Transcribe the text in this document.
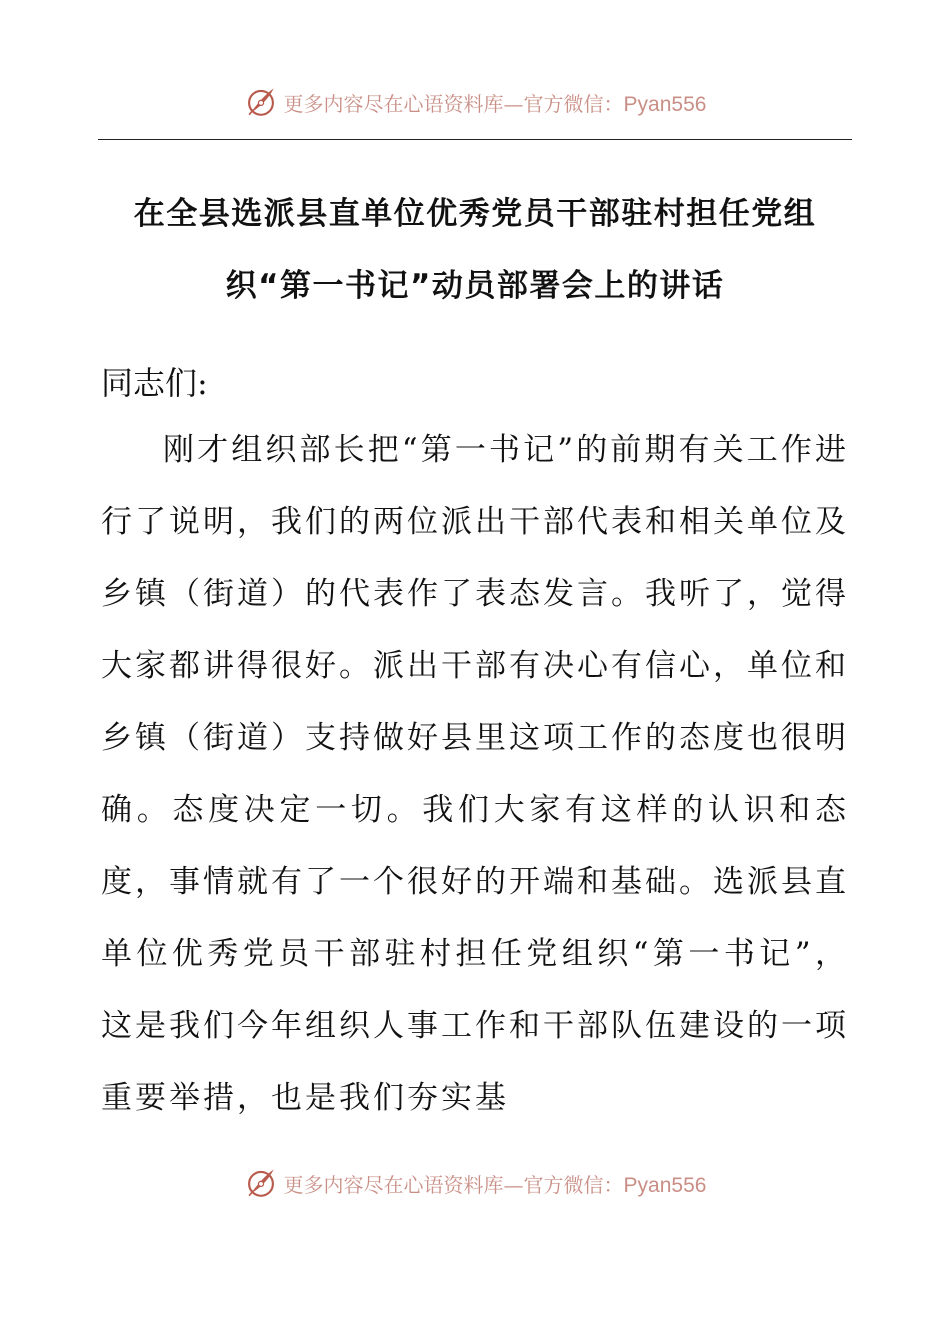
更多内容尽在心语资料库—官方微信：Pyan556
在全县选派县直单位优秀党员干部驻村担任党组织“第一书记”动员部署会上的讲话

同志们:

刚才组织部长把“第一书记”的前期有关工作进行了说明，我们的两位派出干部代表和相关单位及乡镇（街道）的代表作了表态发言。我听了，觉得大家都讲得很好。派出干部有决心有信心，单位和乡镇（街道）支持做好县里这项工作的态度也很明确。态度决定一切。我们大家有这样的认识和态度，事情就有了一个很好的开端和基础。选派县直单位优秀党员干部驻村担任党组织“第一书记”，这是我们今年组织人事工作和干部队伍建设的一项重要举措，也是我们夯实基

更多内容尽在心语资料库—官方微信：Pyan556
